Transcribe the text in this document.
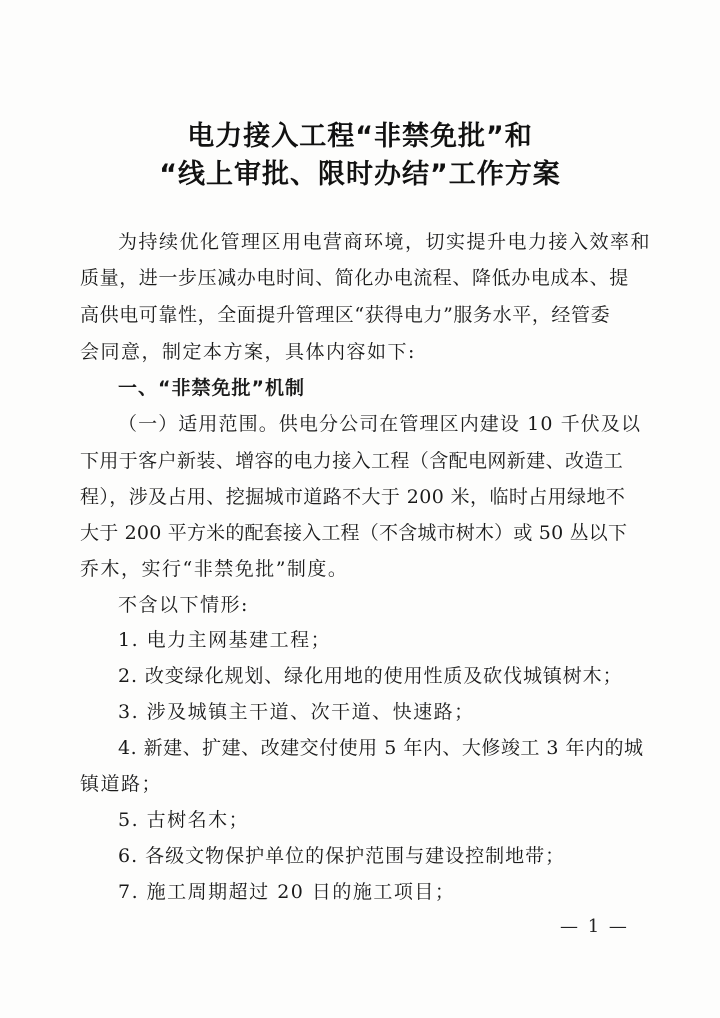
电力接入工程“非禁免批”和
“线上审批、限时办结”工作方案
为持续优化管理区用电营商环境，切实提升电力接入效率和
质量，进一步压减办电时间、简化办电流程、降低办电成本、提
高供电可靠性，全面提升管理区“获得电力”服务水平，经管委
会同意，制定本方案，具体内容如下:
一、“非禁免批”机制
（一）适用范围。供电分公司在管理区内建设 10 千伏及以
下用于客户新装、增容的电力接入工程（含配电网新建、改造工
程），涉及占用、挖掘城市道路不大于 200 米，临时占用绿地不
大于 200 平方米的配套接入工程（不含城市树木）或 50 丛以下
乔木，实行“非禁免批”制度。
不含以下情形:
1. 电力主网基建工程；
2. 改变绿化规划、绿化用地的使用性质及砍伐城镇树木；
3. 涉及城镇主干道、次干道、快速路；
4. 新建、扩建、改建交付使用 5 年内、大修竣工 3 年内的城
镇道路；
5. 古树名木；
6. 各级文物保护单位的保护范围与建设控制地带；
7. 施工周期超过 20 日的施工项目；
— 1 —
